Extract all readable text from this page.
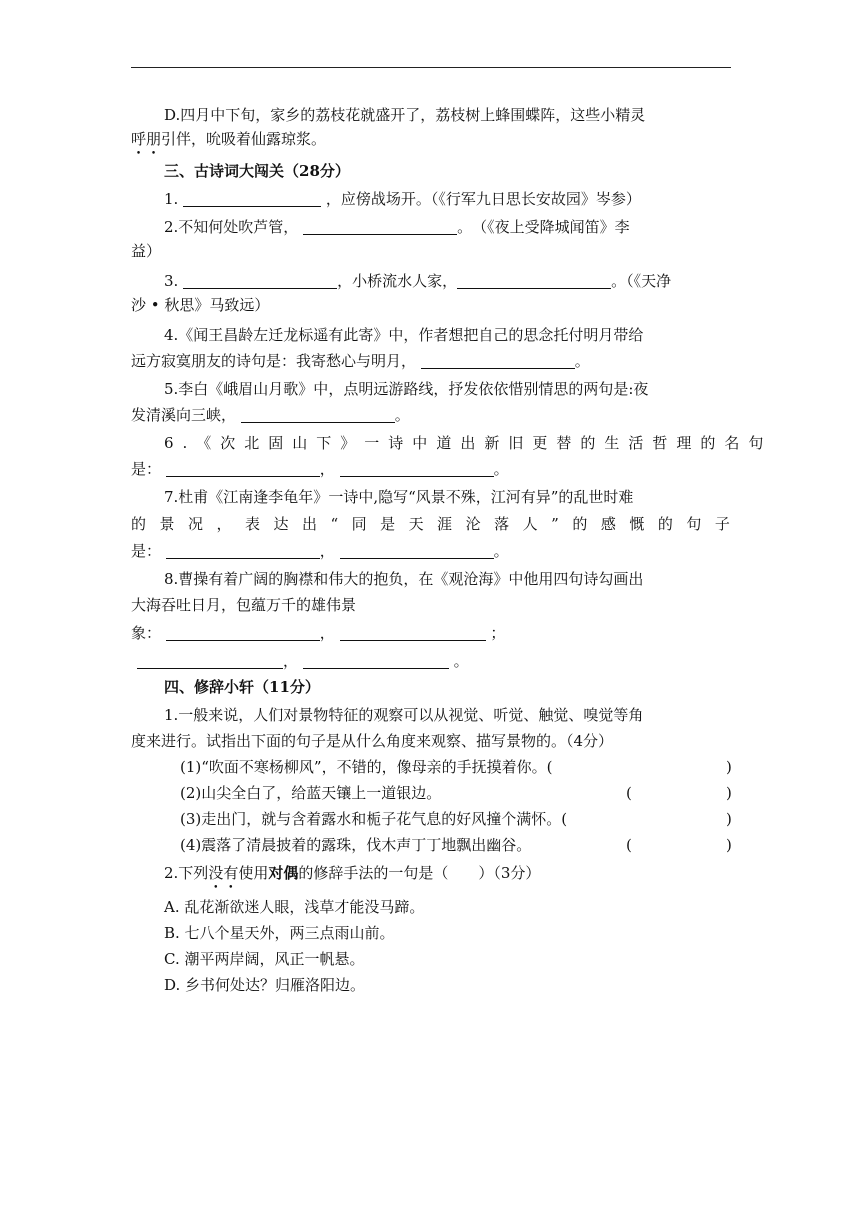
D.四月中下旬，家乡的荔枝花就盛开了，荔枝树上蜂围蝶阵，这些小精灵
呼朋引伴，吮吸着仙露琼浆。
三、古诗词大闯关（28分）
1.	，应傍战场开。（《行军九日思长安故园》岑参）
2.不知何处吹芦管，	。　（《夜上受降城闻笛》李
益）
3.	，小桥流水人家，	。（《天净
沙 • 秋思》马致远）
4.《闻王昌龄左迁龙标遥有此寄》中，作者想把自己的思念托付明月带给
远方寂寞朋友的诗句是：我寄愁心与明月，	。
5.李白《峨眉山月歌》中，点明远游路线，抒发依依惜别情思的两句是:夜
发清溪向三峡，	。
6.《次北固山下》一诗中道出新旧更替的生活哲理的名句
是：	，	。
7.杜甫《江南逢李龟年》一诗中,隐写“风景不殊，江河有异”的乱世时难
的景况，表达出“同是天涯沦落人”的感慨的句子
是：	，	。
8.曹操有着广阔的胸襟和伟大的抱负，在《观沧海》中他用四句诗勾画出
大海吞吐日月，包蕴万千的雄伟景
象：	，	；
，	。
四、修辞小轩（11分）
1.一般来说，人们对景物特征的观察可以从视觉、听觉、触觉、嗅觉等角
度来进行。试指出下面的句子是从什么角度来观察、描写景物的。（4分）
(1)“吹面不寒杨柳风”，不错的，像母亲的手抚摸着你。(	)
(2)山尖全白了，给蓝天镶上一道银边。	(	)
(3)走出门，就与含着露水和栀子花气息的好风撞个满怀。(	)
(4)震落了清晨披着的露珠，伐木声丁丁地飘出幽谷。	(	)
2.下列没有使用对偶的修辞手法的一句是（　　）（3分）
A. 乱花渐欲迷人眼，浅草才能没马蹄。
B. 七八个星天外，两三点雨山前。
C. 潮平两岸阔，风正一帆悬。
D. 乡书何处达？归雁洛阳边。
